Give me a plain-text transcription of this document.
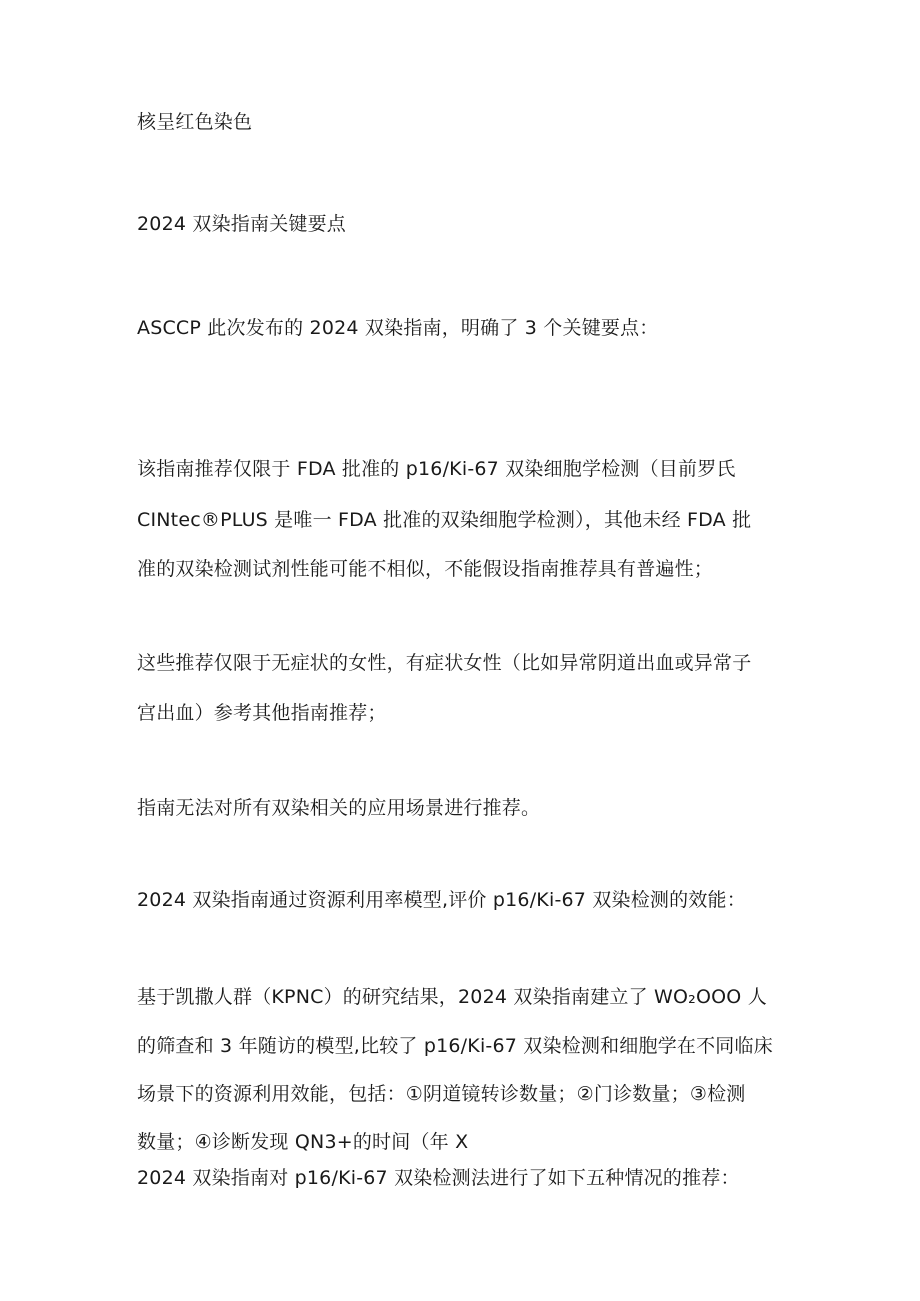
核呈红色染色
2024 双染指南关键要点
ASCCP 此次发布的 2024 双染指南，明确了 3 个关键要点：
该指南推荐仅限于 FDA 批准的 p16/Ki-67 双染细胞学检测（目前罗氏
CINtec®PLUS 是唯一 FDA 批准的双染细胞学检测），其他未经 FDA 批
准的双染检测试剂性能可能不相似，不能假设指南推荐具有普遍性；
这些推荐仅限于无症状的女性，有症状女性（比如异常阴道出血或异常子
宫出血）参考其他指南推荐；
指南无法对所有双染相关的应用场景进行推荐。
2024 双染指南通过资源利用率模型,评价 p16/Ki-67 双染检测的效能：
基于凯撒人群（KPNC）的研究结果，2024 双染指南建立了 WO₂OOO 人
的筛查和 3 年随访的模型,比较了 p16/Ki-67 双染检测和细胞学在不同临床
场景下的资源利用效能，包括：①阴道镜转诊数量；②门诊数量；③检测
数量；④诊断发现 QN3+的时间（年 X
2024 双染指南对 p16/Ki-67 双染检测法进行了如下五种情况的推荐：
